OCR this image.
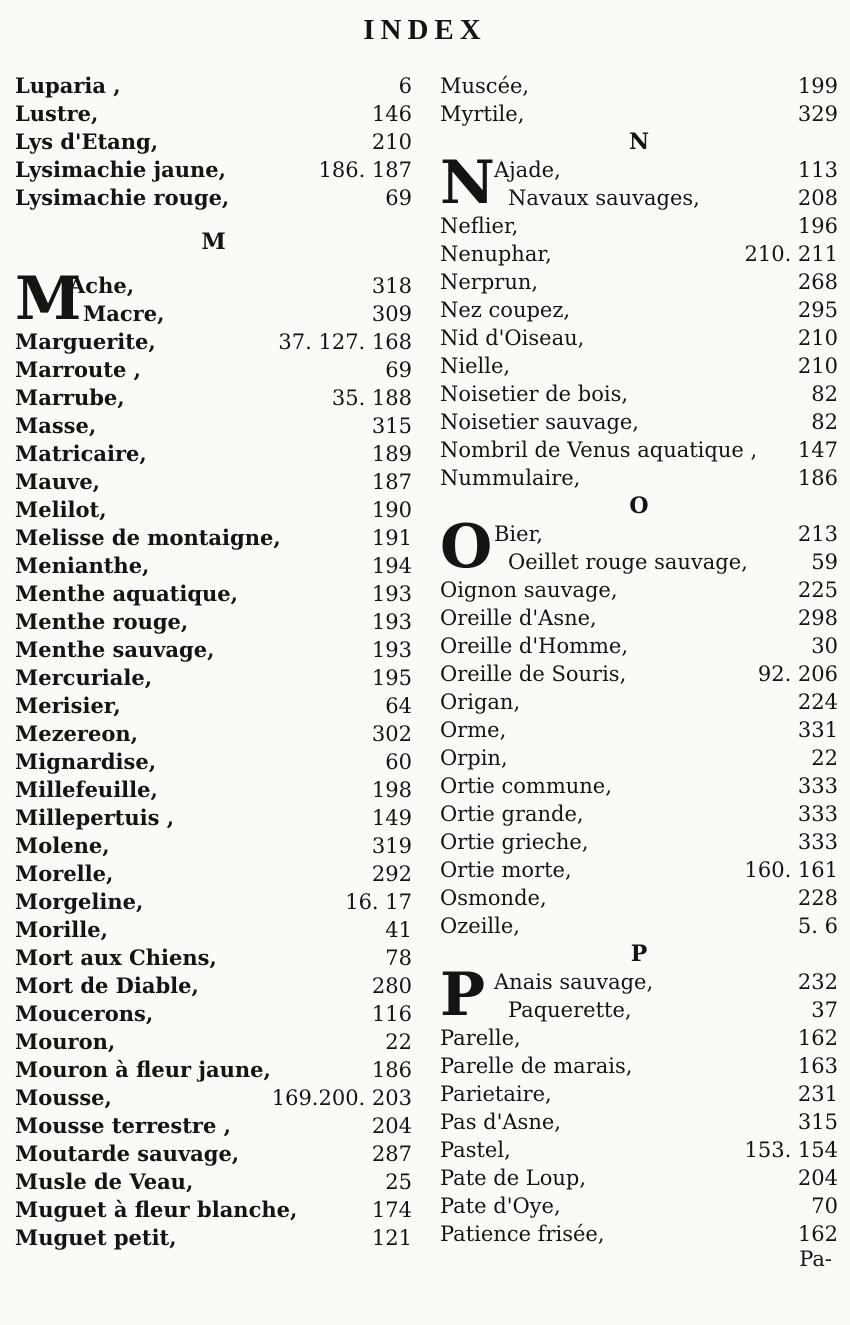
INDEX
Luparia ,	6
Lustre,	146
Lys d'Etang,	210
Lysimachie jaune,	186. 187
Lysimachie rouge,	69
M
M
Ache,	318
Macre,	309
Marguerite,	37. 127. 168
Marroute ,	69
Marrube,	35. 188
Masse,	315
Matricaire,	189
Mauve,	187
Melilot,	190
Melisse de montaigne,	191
Menianthe,	194
Menthe aquatique,	193
Menthe rouge,	193
Menthe sauvage,	193
Mercuriale,	195
Merisier,	64
Mezereon,	302
Mignardise,	60
Millefeuille,	198
Millepertuis ,	149
Molene,	319
Morelle,	292
Morgeline,	16. 17
Morille,	41
Mort aux Chiens,	78
Mort de Diable,	280
Moucerons,	116
Mouron,	22
Mouron à fleur jaune,	186
Mousse,	169.200. 203
Mousse terrestre ,	204
Moutarde sauvage,	287
Musle de Veau,	25
Muguet à fleur blanche,	174
Muguet petit,	121
Muscée,	199
Myrtile,	329
N
N Ajade,	113
Navaux sauvages,	208
Neflier,	196
Nenuphar,	210. 211
Nerprun,	268
Nez coupez,	295
Nid d'Oiseau,	210
Nielle,	210
Noisetier de bois,	82
Noisetier sauvage,	82
Nombril de Venus aquatique , 147
Nummulaire,	186
O
O Bier,	213
Oeillet rouge sauvage,	59
Oignon sauvage,	225
Oreille d'Asne,	298
Oreille d'Homme,	30
Oreille de Souris,	92. 206
Origan,	224
Orme,	331
Orpin,	22
Ortie commune,	333
Ortie grande,	333
Ortie grieche,	333
Ortie morte,	160. 161
Osmonde,	228
Ozeille,	5. 6
P
P Anais sauvage,	232
Paquerette,	37
Parelle,	162
Parelle de marais,	163
Parietaire,	231
Pas d'Asne,	315
Pastel,	153. 154
Pate de Loup,	204
Pate d'Oye,	70
Patience frisée,	162
Pa-
